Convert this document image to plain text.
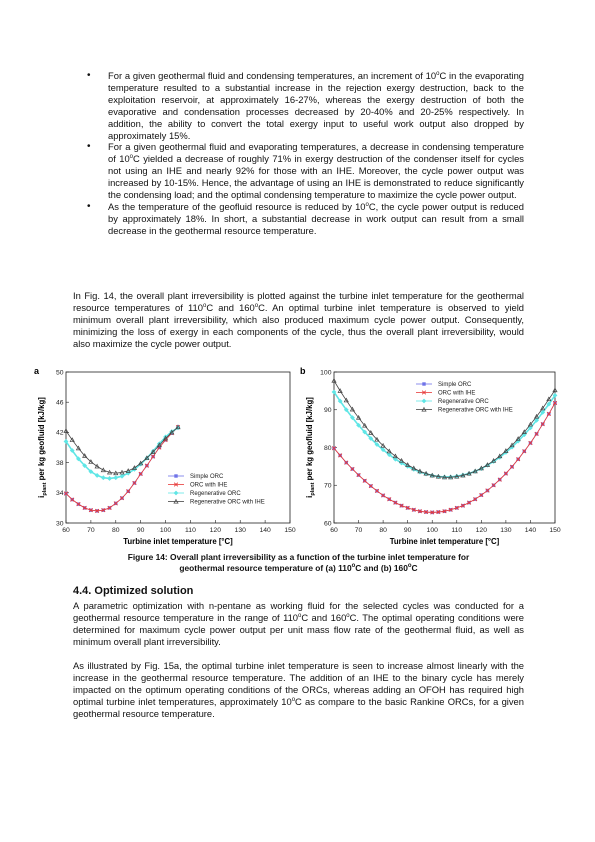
• For a given geothermal fluid and condensing temperatures, an increment of 10$^o$C in the evaporating temperature resulted to a substantial increase in the rejection exergy destruction, back to the exploitation reservoir, at approximately 16-27%, whereas the exergy destruction of both the evaporative and condensation processes decreased by 20-40% and 20-25% respectively. In addition, the ability to convert the total exergy input to useful work output also dropped by approximately 15%.
• For a given geothermal fluid and evaporating temperatures, a decrease in condensing temperature of 10$^o$C yielded a decrease of roughly 71% in exergy destruction of the condenser itself for cycles not using an IHE and nearly 92% for those with an IHE. Moreover, the cycle power output was increased by 10-15%. Hence, the advantage of using an IHE is demonstrated to reduce significantly the condensing load; and the optimal condensing temperature to maximize the cycle power output.
• As the temperature of the geofluid resource is reduced by 10$^o$C, the cycle power output is reduced by approximately 18%. In short, a substantial decrease in work output can result from a small decrease in the geothermal resource temperature.

In Fig. 14, the overall plant irreversibility is plotted against the turbine inlet temperature for the geothermal resource temperatures of 110$^o$C and 160$^o$C. An optimal turbine inlet temperature is observed to yield minimum overall plant irreversibility, which also produced maximum cycle power output. Consequently, minimizing the loss of exergy in each components of the cycle, thus the overall plant irreversibility, would also maximize the cycle power output.

a
60	70	80	90 100 110 120 130 140 150
30
34
38
42
46
50
Turbine inlet temperature [°C]
$i_{plant}$ per kg geofluid [kJ/kg]	Simple ORC
ORC with IHE
Regenerative ORC
Regenerative ORC with IHE
b
60 70 80 90 100 110 120 130 140 150
60
70
80
90
100
Turbine inlet temperature [°C]
$i_{plant}$ per kg geofluid [kJ/kg]
Simple ORC
ORC with IHE
Regenerative ORC
Regenerative ORC with IHE

Figure 14: Overall plant irreversibility as a function of the turbine inlet temperature for
geothermal resource temperature of (a) 110$^o$C and (b) 160$^o$C

4.4. Optimized solution

A parametric optimization with n-pentane as working fluid for the selected cycles was conducted for a geothermal resource temperature in the range of 110$^o$C and 160$^o$C. The optimal operating conditions were determined for maximum cycle power output per unit mass flow rate of the geothermal fluid, as well as minimum overall plant irreversibility.

As illustrated by Fig. 15a, the optimal turbine inlet temperature is seen to increase almost linearly with the increase in the geothermal resource temperature. The addition of an IHE to the binary cycle has merely impacted on the optimum operating conditions of the ORCs, whereas adding an OFOH has required high optimal turbine inlet temperatures, approximately 10$^o$C as compare to the basic Rankine ORCs, for a given geothermal resource temperature.
